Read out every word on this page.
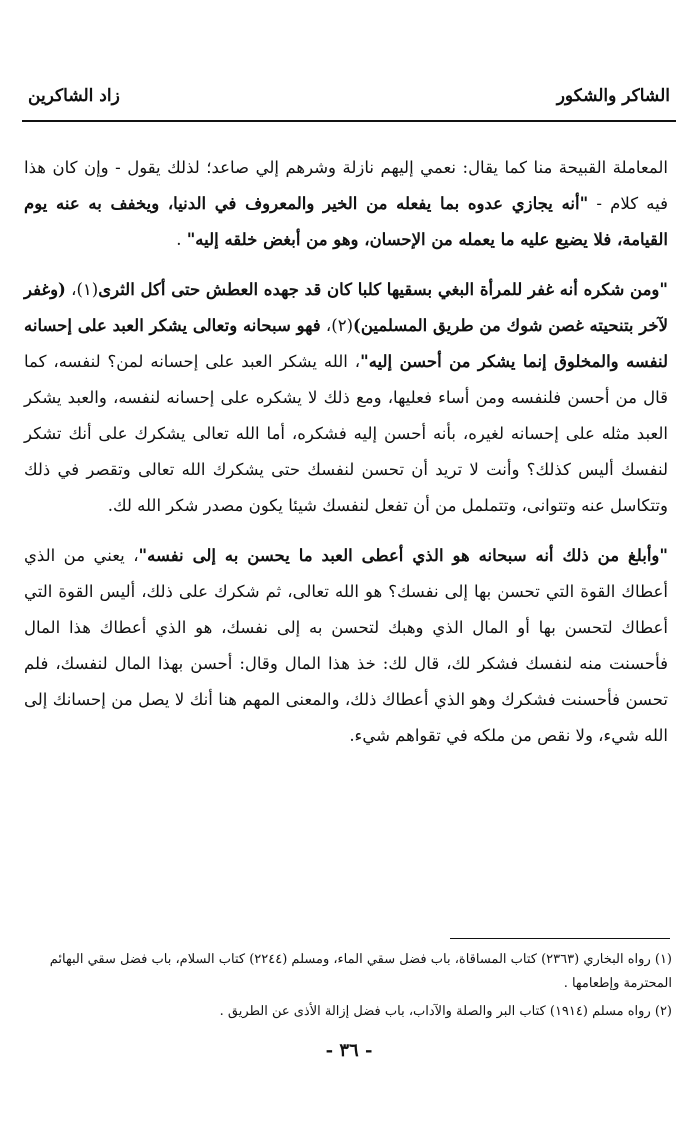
الشاكر والشكور
زاد الشاكرين

المعاملة القبيحة منا كما يقال: نعمي إليهم نازلة وشرهم إلي صاعد؛ لذلك يقول - وإن كان هذا فيه كلام - "أنه يجازي عدوه بما يفعله من الخير والمعروف في الدنيا، ويخفف به عنه يوم القيامة، فلا يضيع عليه ما يعمله من الإحسان، وهو من أبغض خلقه إليه" .

"ومن شكره أنه غفر للمرأة البغي بسقيها كلبا كان قد جهده العطش حتى أكل الثرى(١)، (وغفر لآخر بتنحيته غصن شوك من طريق المسلمين)(٢)، فهو سبحانه وتعالى يشكر العبد على إحسانه لنفسه والمخلوق إنما يشكر من أحسن إليه"، الله يشكر العبد على إحسانه لمن؟ لنفسه، كما قال من أحسن فلنفسه ومن أساء فعليها، ومع ذلك لا يشكره على إحسانه لنفسه، والعبد يشكر العبد مثله على إحسانه لغيره، بأنه أحسن إليه فشكره، أما الله تعالى يشكرك على أنك تشكر لنفسك أليس كذلك؟ وأنت لا تريد أن تحسن لنفسك حتى يشكرك الله تعالى وتقصر في ذلك وتتكاسل عنه وتتوانى، وتتململ من أن تفعل لنفسك شيئا يكون مصدر شكر الله لك.

"وأبلغ من ذلك أنه سبحانه هو الذي أعطى العبد ما يحسن به إلى نفسه"، يعني من الذي أعطاك القوة التي تحسن بها إلى نفسك؟ هو الله تعالى، ثم شكرك على ذلك، أليس القوة التي أعطاك لتحسن بها أو المال الذي وهبك لتحسن به إلى نفسك، هو الذي أعطاك هذا المال فأحسنت منه لنفسك فشكر لك، قال لك: خذ هذا المال وقال: أحسن بهذا المال لنفسك، فلم تحسن فأحسنت فشكرك وهو الذي أعطاك ذلك، والمعنى المهم هنا أنك لا يصل من إحسانك إلى الله شيء، ولا نقص من ملكه في تقواهم شيء.

(١) رواه البخاري (٢٣٦٣) كتاب المساقاة، باب فضل سقي الماء، ومسلم (٢٢٤٤) كتاب السلام، باب فضل سقي البهائم المحترمة وإطعامها .

(٢) رواه مسلم (١٩١٤) كتاب البر والصلة والآداب، باب فضل إزالة الأذى عن الطريق .

- ٣٦ -
